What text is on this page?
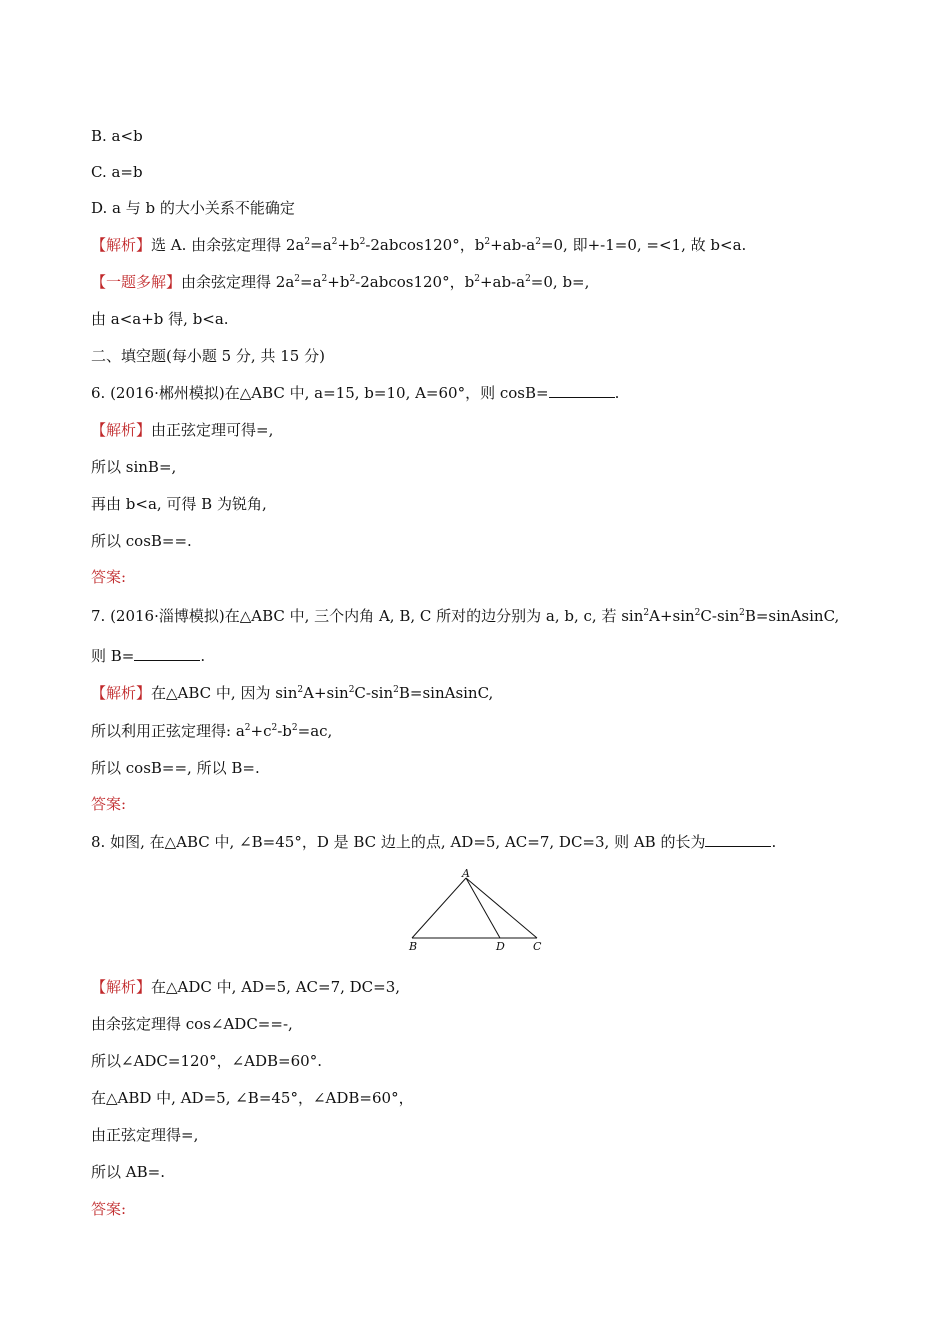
B. a<b
C. a=b
D. a 与 b 的大小关系不能确定
【解析】选 A. 由余弦定理得 $2a^2=a^2+b^2-2abcos120^\circ$，$b^2+ab-a^2=0$, 即+-1=0, =<1, 故 b<a.
【一题多解】由余弦定理得 $2a^2=a^2+b^2-2abcos120^\circ$，$b^2+ab-a^2=0$, b=,
由 a<a+b 得, b<a.
二、填空题(每小题 5 分, 共 15 分)
6. (2016·郴州模拟)在△ABC 中, a=15, b=10, A=60°，则 cosB=	.
【解析】由正弦定理可得=,
所以 sinB=,
再由 b<a, 可得 B 为锐角,
所以 cosB==.
答案:
7. (2016·淄博模拟)在△ABC 中, 三个内角 A, B, C 所对的边分别为 a, b, c, 若 $\sin^2A+\sin^2C-\sin^2B=sinAsinC$,
则 B=	.
【解析】在△ABC 中, 因为 $\sin^2A+\sin^2C-\sin^2B=sinAsinC$,
所以利用正弦定理得: $a^2+c^2-b^2=ac$,
所以 cosB==, 所以 B=.
答案:
8. 如图, 在△ABC 中, ∠B=45°，D 是 BC 边上的点, AD=5, AC=7, DC=3, 则 AB 的长为	.
A
B	D	C
【解析】在△ADC 中, AD=5, AC=7, DC=3,
由余弦定理得 cos∠ADC==-,
所以∠ADC=120°，∠ADB=60°.
在△ABD 中, AD=5, ∠B=45°，∠ADB=60°，
由正弦定理得=,
所以 AB=.
答案:
